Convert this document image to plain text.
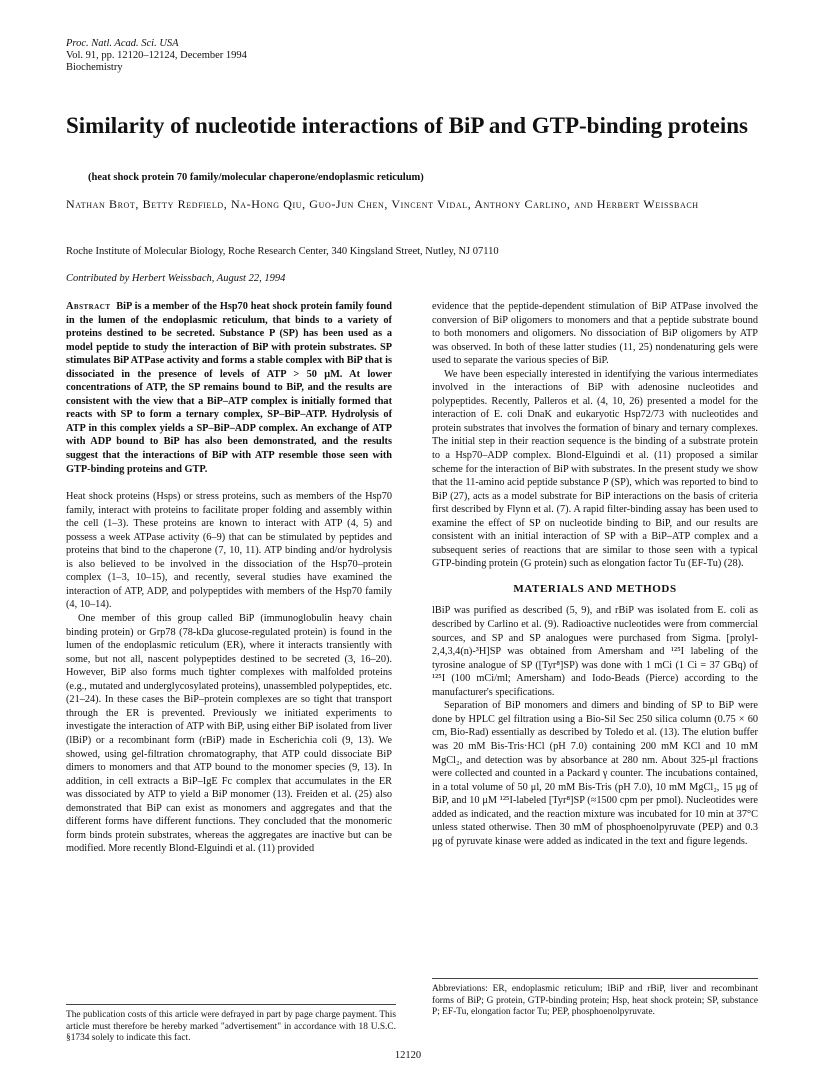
Proc. Natl. Acad. Sci. USA
Vol. 91, pp. 12120–12124, December 1994
Biochemistry
Similarity of nucleotide interactions of BiP and GTP-binding proteins
(heat shock protein 70 family/molecular chaperone/endoplasmic reticulum)
Nathan Brot, Betty Redfield, Na-Hong Qiu, Guo-Jun Chen, Vincent Vidal, Anthony Carlino, and Herbert Weissbach
Roche Institute of Molecular Biology, Roche Research Center, 340 Kingsland Street, Nutley, NJ 07110
Contributed by Herbert Weissbach, August 22, 1994

Abstract BiP is a member of the Hsp70 heat shock protein family found in the lumen of the endoplasmic reticulum, that binds to a variety of proteins destined to be secreted. Substance P (SP) has been used as a model peptide to study the interaction of BiP with protein substrates. SP stimulates BiP ATPase activity and forms a stable complex with BiP that is dissociated in the presence of levels of ATP > 50 μM. At lower concentrations of ATP, the SP remains bound to BiP, and the results are consistent with the view that a BiP–ATP complex is initially formed that reacts with SP to form a ternary complex, SP–BiP–ATP. Hydrolysis of ATP in this complex yields a SP–BiP–ADP complex. An exchange of ATP with ADP bound to BiP has also been demonstrated, and the results suggest that the interactions of BiP with ATP resemble those seen with GTP-binding proteins and GTP.

Heat shock proteins (Hsps) or stress proteins, such as members of the Hsp70 family, interact with proteins to facilitate proper folding and assembly within the cell (1–3). These proteins are known to interact with ATP (4, 5) and possess a week ATPase activity (6–9) that can be stimulated by peptides and proteins that bind to the chaperone (7, 10, 11). ATP binding and/or hydrolysis is also believed to be involved in the dissociation of the Hsp70–protein complex (1–3, 10–15), and recently, several studies have examined the interaction of ATP, ADP, and polypeptides with members of the Hsp70 family (4, 10–14).

One member of this group called BiP (immunoglobulin heavy chain binding protein) or Grp78 (78-kDa glucose-regulated protein) is found in the lumen of the endoplasmic reticulum (ER), where it interacts transiently with some, but not all, nascent polypeptides destined to be secreted (3, 16–20). However, BiP also forms much tighter complexes with malfolded proteins (e.g., mutated and underglycosylated proteins), unassembled polypeptides, etc. (21–24). In these cases the BiP–protein complexes are so tight that transport through the ER is prevented. Previously we initiated experiments to investigate the interaction of ATP with BiP, using either BiP isolated from liver (lBiP) or a recombinant form (rBiP) made in Escherichia coli (9, 13). We showed, using gel-filtration chromatography, that ATP could dissociate BiP dimers to monomers and that ATP bound to the monomer species (9, 13). In addition, in cell extracts a BiP–IgE Fc complex that accumulates in the ER was dissociated by ATP to yield a BiP monomer (13). Freiden et al. (25) also demonstrated that BiP can exist as monomers and aggregates and that the different forms have different functions. They concluded that the monomeric form binds protein substrates, whereas the aggregates are inactive but can be modified. More recently Blond-Elguindi et al. (11) provided

evidence that the peptide-dependent stimulation of BiP ATPase involved the conversion of BiP oligomers to monomers and that a peptide substrate bound to both monomers and oligomers. No dissociation of BiP oligomers by ATP was observed. In both of these latter studies (11, 25) nondenaturing gels were used to separate the various species of BiP.

We have been especially interested in identifying the various intermediates involved in the interactions of BiP with adenosine nucleotides and polypeptides. Recently, Palleros et al. (4, 10, 26) presented a model for the interaction of E. coli DnaK and eukaryotic Hsp72/73 with nucleotides and protein substrates that involves the formation of binary and ternary complexes. The initial step in their reaction sequence is the binding of a substrate protein to a Hsp70–ADP complex. Blond-Elguindi et al. (11) proposed a similar scheme for the interaction of BiP with substrates. In the present study we show that the 11-amino acid peptide substance P (SP), which was reported to bind to BiP (27), acts as a model substrate for BiP interactions on the basis of criteria first described by Flynn et al. (7). A rapid filter-binding assay has been used to examine the effect of SP on nucleotide binding to BiP, and our results are consistent with an initial interaction of SP with a BiP–ATP complex and a subsequent series of reactions that are similar to those seen with a typical GTP-binding protein (G protein) such as elongation factor Tu (EF-Tu) (28).

MATERIALS AND METHODS

lBiP was purified as described (5, 9), and rBiP was isolated from E. coli as described by Carlino et al. (9). Radioactive nucleotides were from commercial sources, and SP and SP analogues were purchased from Sigma. [prolyl-2,4,3,4(n)-³H]SP was obtained from Amersham and ¹²⁵I labeling of the tyrosine analogue of SP ([Tyr⁸]SP) was done with 1 mCi (1 Ci = 37 GBq) of ¹²⁵I (100 mCi/ml; Amersham) and Iodo-Beads (Pierce) according to the manufacturer's specifications.

Separation of BiP monomers and dimers and binding of SP to BiP were done by HPLC gel filtration using a Bio-Sil Sec 250 silica column (0.75 × 60 cm, Bio-Rad) essentially as described by Toledo et al. (13). The elution buffer was 20 mM Bis-Tris·HCl (pH 7.0) containing 200 mM KCl and 10 mM MgCl₂, and detection was by absorbance at 280 nm. About 325-μl fractions were collected and counted in a Packard γ counter. The incubations contained, in a total volume of 50 μl, 20 mM Bis-Tris (pH 7.0), 10 mM MgCl₂, 15 μg of BiP, and 10 μM ¹²⁵I-labeled [Tyr⁸]SP (≈1500 cpm per pmol). Nucleotides were added as indicated, and the reaction mixture was incubated for 10 min at 37°C unless stated otherwise. Then 30 mM of phosphoenolpyruvate (PEP) and 0.3 μg of pyruvate kinase were added as indicated in the text and figure legends.

The publication costs of this article were defrayed in part by page charge payment. This article must therefore be hereby marked "advertisement" in accordance with 18 U.S.C. §1734 solely to indicate this fact.
Abbreviations: ER, endoplasmic reticulum; lBiP and rBiP, liver and recombinant forms of BiP; G protein, GTP-binding protein; Hsp, heat shock protein; SP, substance P; EF-Tu, elongation factor Tu; PEP, phosphoenolpyruvate.
12120
